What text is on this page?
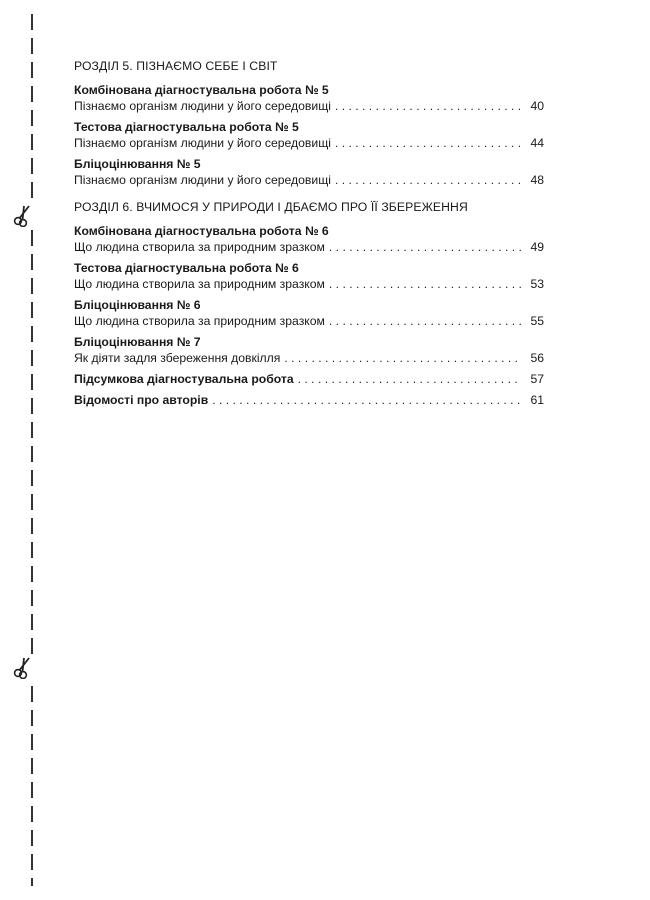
РОЗДІЛ 5. ПІЗНАЄМО СЕБЕ І СВІТ
Комбінована діагностувальна робота № 5
Пізнаємо організм людини у його середовищі . . .	40
Тестова діагностувальна робота № 5
Пізнаємо організм людини у його середовищі . . .	44
Бліцоцінювання № 5
Пізнаємо організм людини у його середовищі . . .	48
РОЗДІЛ 6. ВЧИМОСЯ У ПРИРОДИ І ДБАЄМО ПРО ЇЇ ЗБЕРЕЖЕННЯ
Комбінована діагностувальна робота № 6
Що людина створила за природним зразком . . .	49
Тестова діагностувальна робота № 6
Що людина створила за природним зразком . . .	53
Бліцоцінювання № 6
Що людина створила за природним зразком . . .	55
Бліцоцінювання № 7
Як діяти задля збереження довкілля . . .	56
Підсумкова діагностувальна робота . . .	57
Відомості про авторів . . .	61
